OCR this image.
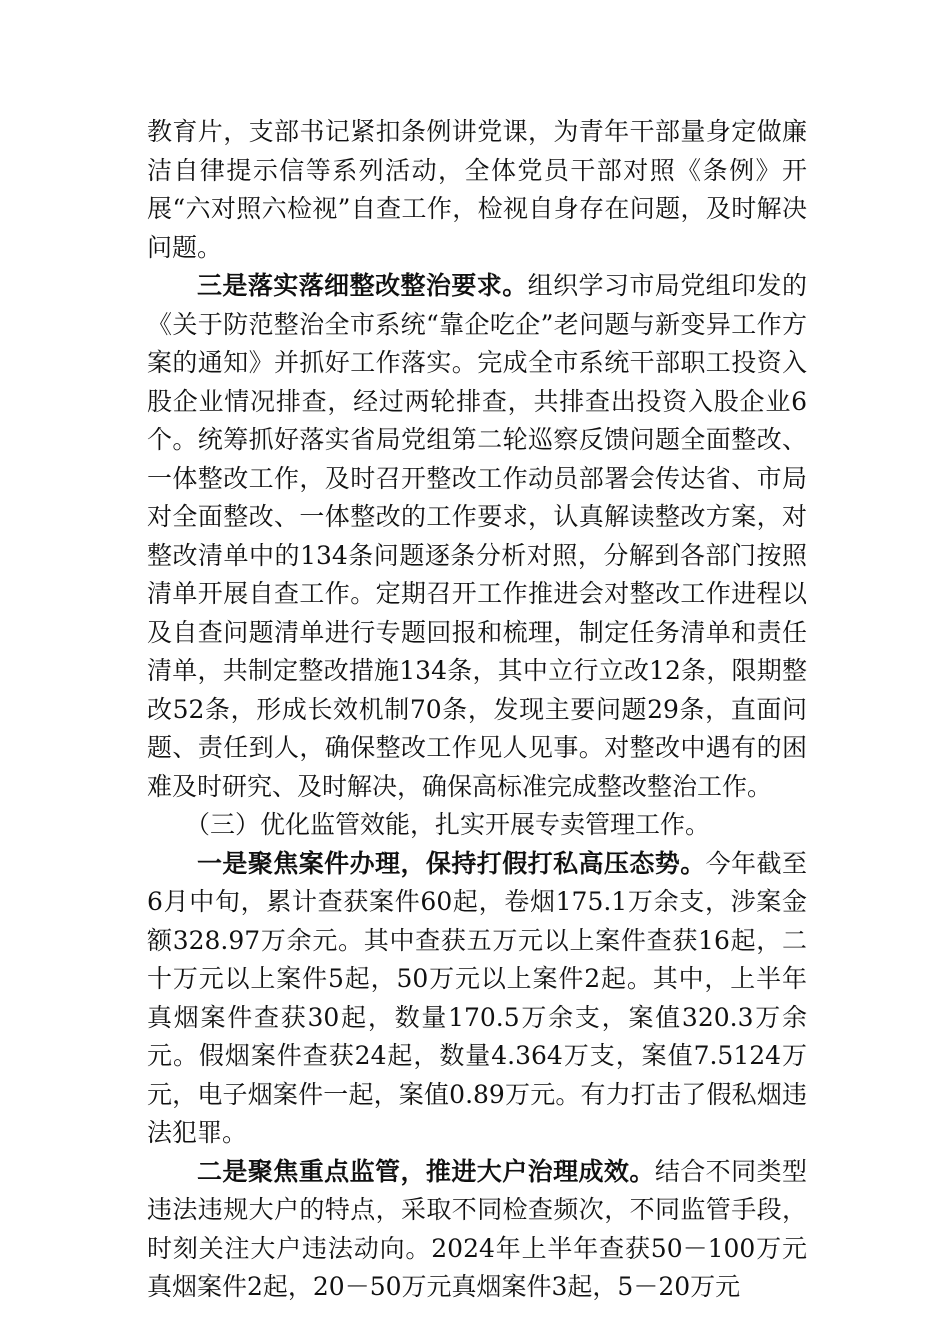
教育片，支部书记紧扣条例讲党课，为青年干部量身定做廉洁自律提示信等系列活动，全体党员干部对照《条例》开展“六对照六检视”自查工作，检视自身存在问题，及时解决问题。

三是落实落细整改整治要求。组织学习市局党组印发的《关于防范整治全市系统“靠企吃企”老问题与新变异工作方案的通知》并抓好工作落实。完成全市系统干部职工投资入股企业情况排查，经过两轮排查，共排查出投资入股企业6个。统筹抓好落实省局党组第二轮巡察反馈问题全面整改、一体整改工作，及时召开整改工作动员部署会传达省、市局对全面整改、一体整改的工作要求，认真解读整改方案，对整改清单中的134条问题逐条分析对照，分解到各部门按照清单开展自查工作。定期召开工作推进会对整改工作进程以及自查问题清单进行专题回报和梳理，制定任务清单和责任清单，共制定整改措施134条，其中立行立改12条，限期整改52条，形成长效机制70条，发现主要问题29条，直面问题、责任到人，确保整改工作见人见事。对整改中遇有的困难及时研究、及时解决，确保高标准完成整改整治工作。

（三）优化监管效能，扎实开展专卖管理工作。

一是聚焦案件办理，保持打假打私高压态势。今年截至6月中旬，累计查获案件60起，卷烟175.1万余支，涉案金额328.97万余元。其中查获五万元以上案件查获16起，二十万元以上案件5起，50万元以上案件2起。其中，上半年真烟案件查获30起，数量170.5万余支，案值320.3万余元。假烟案件查获24起，数量4.364万支，案值7.5124万元，电子烟案件一起，案值0.89万元。有力打击了假私烟违法犯罪。

二是聚焦重点监管，推进大户治理成效。结合不同类型违法违规大户的特点，采取不同检查频次，不同监管手段，时刻关注大户违法动向。2024年上半年查获50－100万元真烟案件2起，20－50万元真烟案件3起，5－20万元
